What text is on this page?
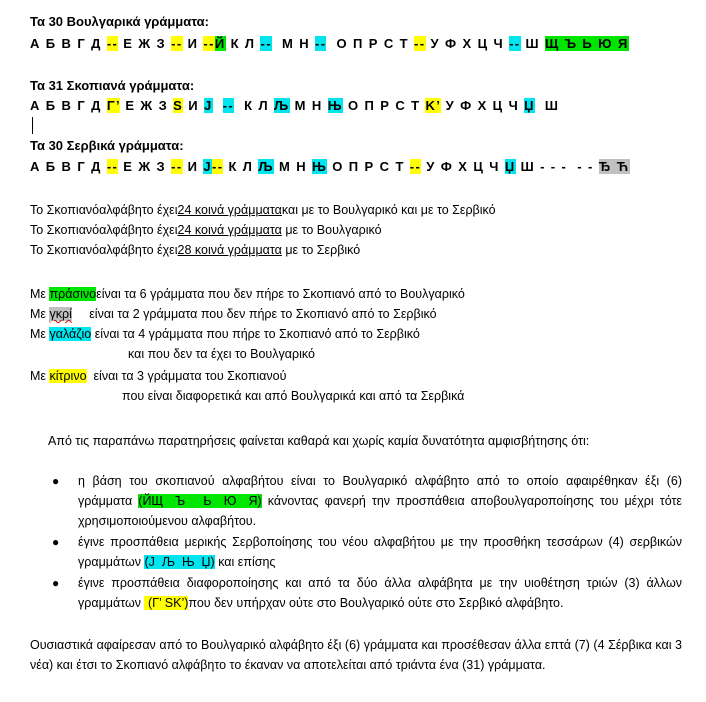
Τα 30 Βουλγαρικά γράμματα:
А Б В Г Д -- Е Ж З -- И --Й К Л --  М Н --  О П Р С Т -- У Ф Х Ц Ч -- Ш Щ Ъ Ь Ю Я
Τα 31 Σκοπιανά γράμματα:
А Б В Г Д Γ’ Е Ж З S И J --  К Л Љ М Н Њ О П Р С Т K’ У Ф Х Ц Ч Џ  Ш
Τα 30 Σερβικά γράμματα:
А Б В Г Д -- Е Ж З -- И J-- К Л Љ М Н Њ О П Р С Т -- У Ф Х Ц Ч Џ Ш - - -  - - Ђ Ћ
Το Σκοπιανόαλφάβητο έχει24 κοινά γράμματακαι με το Βουλγαρικό και με το Σερβικό
Το Σκοπιανόαλφάβητο έχει24 κοινά γράμματα με το Βουλγαρικό
Το Σκοπιανόαλφάβητο έχει28 κοινά γράμματα με το Σερβικό
Με πράσινοείναι τα 6 γράμματα που δεν πήρε το Σκοπιανό από το Βουλγαρικό
Με γκρί     είναι τα 2 γράμματα που δεν πήρε το Σκοπιανό από το Σερβικό
Με γαλάζιο είναι τα 4 γράμματα που πήρε το Σκοπιανό από το Σερβικό
και που δεν τα έχει το Βουλγαρικό
Με κίτρινο  είναι τα 3 γράμματα του Σκοπιανού
που είναι διαφορετικά και από Βουλγαρικά και από τα Σερβικά
Από τις παραπάνω παρατηρήσεις φαίνεται καθαρά και χωρίς καμία δυνατότητα αμφισβήτησης ότι:
● η βάση του σκοπιανού αλφαβήτου είναι το Βουλγαρικό αλφάβητο από το οποίο αφαιρέθηκαν έξι (6) γράμματα (ЙЩ  Ъ   Ь  Ю  Я) κάνοντας φανερή την προσπάθεια αποβουλγαροποίησης του μέχρι τότε χρησιμοποιούμενου αλφαβήτου.
● έγινε προσπάθεια μερικής Σερβοποίησης του νέου αλφαβήτου με την προσθήκη τεσσάρων (4) σερβικών γραμμάτων (J  Љ  Њ  Џ) και επίσης
● έγινε προσπάθεια διαφοροποίησης και από τα δύο άλλα αλφάβητα με την υιοθέτηση τριών (3) άλλων γραμμάτων  (Γ’ SK’)που δεν υπήρχαν ούτε στο Βουλγαρικό ούτε στο Σερβικό αλφάβητο.
Ουσιαστικά αφαίρεσαν από το Βουλγαρικό αλφάβητο έξι (6) γράμματα και προσέθεσαν άλλα επτά (7) (4 Σέρβικα και 3 νέα) και έτσι το Σκοπιανό αλφάβητο το έκαναν να αποτελείται από τριάντα ένα (31) γράμματα.
